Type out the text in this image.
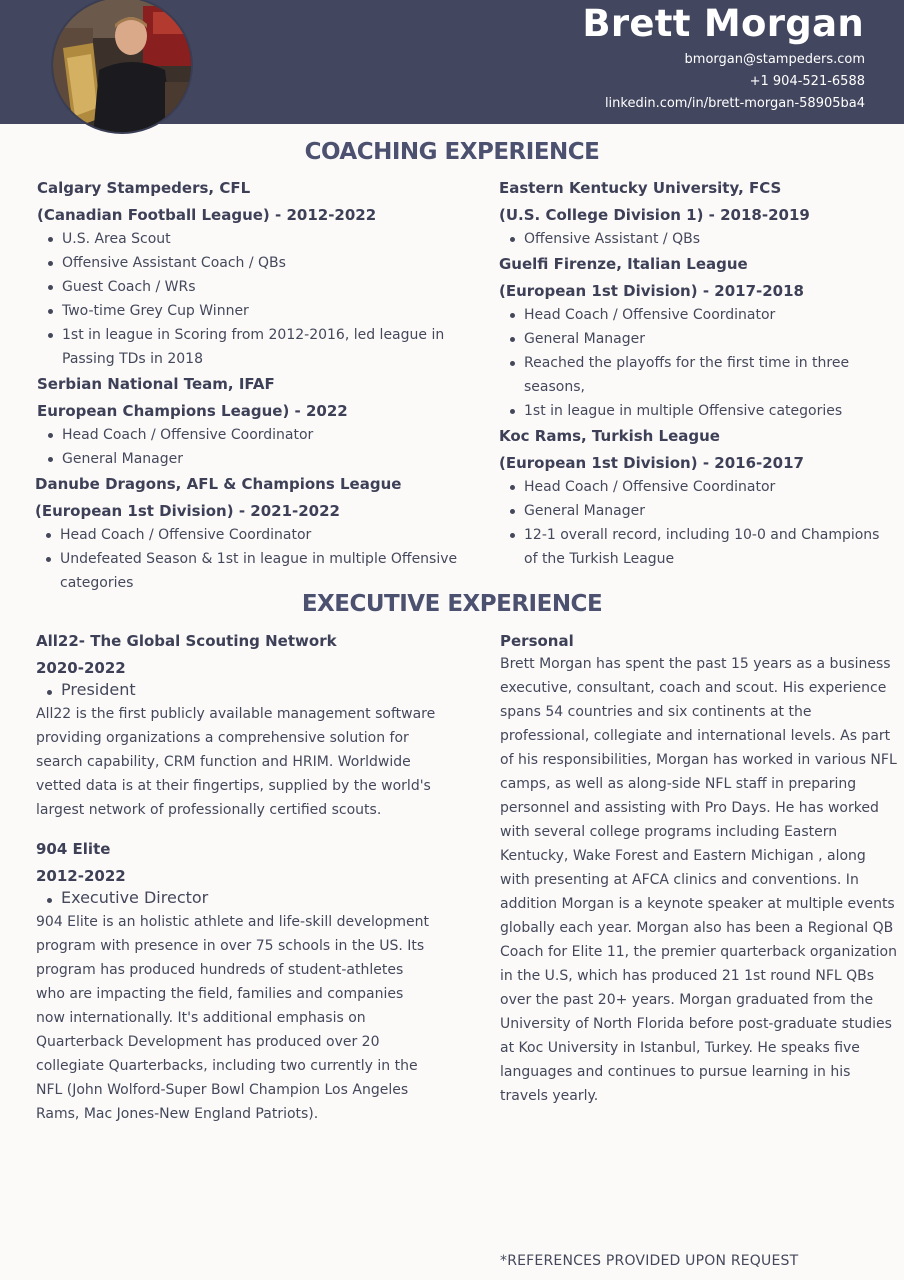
Brett Morgan
bmorgan@stampeders.com
+1 904-521-6588
linkedin.com/in/brett-morgan-58905ba4
COACHING EXPERIENCE
Calgary Stampeders, CFL
(Canadian Football League) - 2012-2022
U.S. Area Scout
Offensive Assistant Coach / QBs
Guest Coach / WRs
Two-time Grey Cup Winner
1st in league in Scoring from 2012-2016, led league in Passing TDs in 2018
Serbian National Team, IFAF
European Champions League) - 2022
Head Coach / Offensive Coordinator
General Manager
Danube Dragons, AFL & Champions League
(European 1st Division) - 2021-2022
Head Coach / Offensive Coordinator
Undefeated Season & 1st in league in multiple Offensive categories
Eastern Kentucky University, FCS
(U.S. College Division 1) - 2018-2019
Offensive Assistant / QBs
Guelfi Firenze, Italian League
(European 1st Division) - 2017-2018
Head Coach / Offensive Coordinator
General Manager
Reached the playoffs for the first time in three seasons,
1st in league in multiple Offensive categories
Koc Rams, Turkish League
(European 1st Division) - 2016-2017
Head Coach / Offensive Coordinator
General Manager
12-1 overall record, including 10-0 and Champions of the Turkish League
EXECUTIVE EXPERIENCE
All22- The Global Scouting Network
2020-2022
President
All22 is the first publicly available management software providing organizations a comprehensive solution for search capability, CRM function and HRIM. Worldwide vetted data is at their fingertips, supplied by the world's largest network of professionally certified scouts.
904 Elite
2012-2022
Executive Director
904 Elite is an holistic athlete and life-skill development program with presence in over 75 schools in the US. Its program has produced hundreds of student-athletes who are impacting the field, families and companies now internationally. It's additional emphasis on Quarterback Development has produced over 20 collegiate Quarterbacks, including two currently in the NFL (John Wolford-Super Bowl Champion Los Angeles Rams, Mac Jones-New England Patriots).
Personal
Brett Morgan has spent the past 15 years as a business executive, consultant, coach and scout. His experience spans 54 countries and six continents at the professional, collegiate and international levels. As part of his responsibilities, Morgan has worked in various NFL camps, as well as along-side NFL staff in preparing personnel and assisting with Pro Days. He has worked with several college programs including Eastern Kentucky, Wake Forest and Eastern Michigan , along with presenting at AFCA clinics and conventions. In addition Morgan is a keynote speaker at multiple events globally each year. Morgan also has been a Regional QB Coach for Elite 11, the premier quarterback organization in the U.S, which has produced 21 1st round NFL QBs over the past 20+ years. Morgan graduated from the University of North Florida before post-graduate studies at Koc University in Istanbul, Turkey. He speaks five languages and continues to pursue learning in his travels yearly.
*REFERENCES PROVIDED UPON REQUEST
